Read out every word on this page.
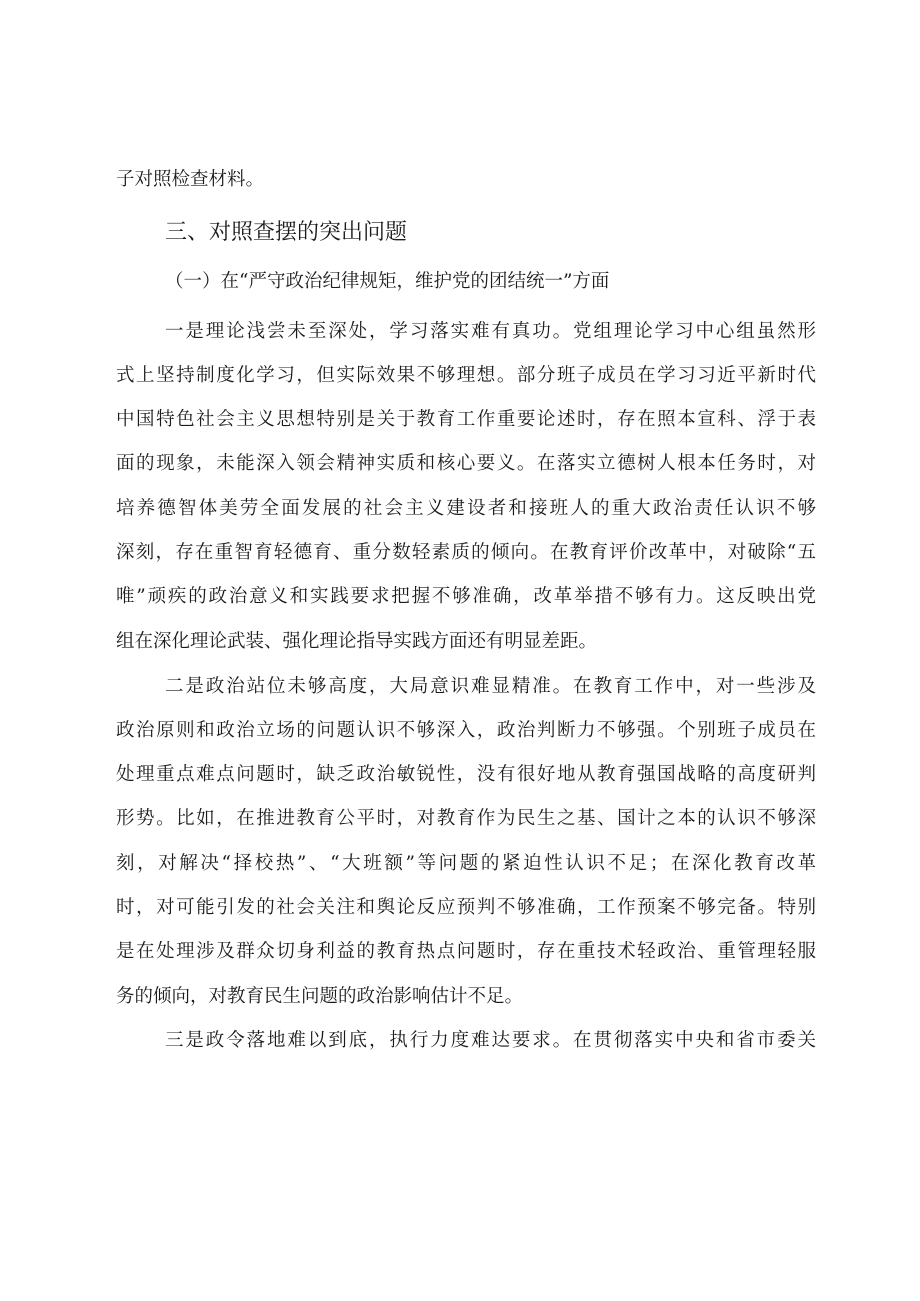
子对照检查材料。
三、对照查摆的突出问题
（一）在“严守政治纪律规矩，维护党的团结统一”方面
一是理论浅尝未至深处，学习落实难有真功。党组理论学习中心组虽然形
式上坚持制度化学习，但实际效果不够理想。部分班子成员在学习习近平新时代
中国特色社会主义思想特别是关于教育工作重要论述时，存在照本宣科、浮于表
面的现象，未能深入领会精神实质和核心要义。在落实立德树人根本任务时，对
培养德智体美劳全面发展的社会主义建设者和接班人的重大政治责任认识不够
深刻，存在重智育轻德育、重分数轻素质的倾向。在教育评价改革中，对破除“五
唯”顽疾的政治意义和实践要求把握不够准确，改革举措不够有力。这反映出党
组在深化理论武装、强化理论指导实践方面还有明显差距。
二是政治站位未够高度，大局意识难显精准。在教育工作中，对一些涉及
政治原则和政治立场的问题认识不够深入，政治判断力不够强。个别班子成员在
处理重点难点问题时，缺乏政治敏锐性，没有很好地从教育强国战略的高度研判
形势。比如，在推进教育公平时，对教育作为民生之基、国计之本的认识不够深
刻，对解决“择校热”、“大班额”等问题的紧迫性认识不足；在深化教育改革
时，对可能引发的社会关注和舆论反应预判不够准确，工作预案不够完备。特别
是在处理涉及群众切身利益的教育热点问题时，存在重技术轻政治、重管理轻服
务的倾向，对教育民生问题的政治影响估计不足。
三是政令落地难以到底，执行力度难达要求。在贯彻落实中央和省市委关
